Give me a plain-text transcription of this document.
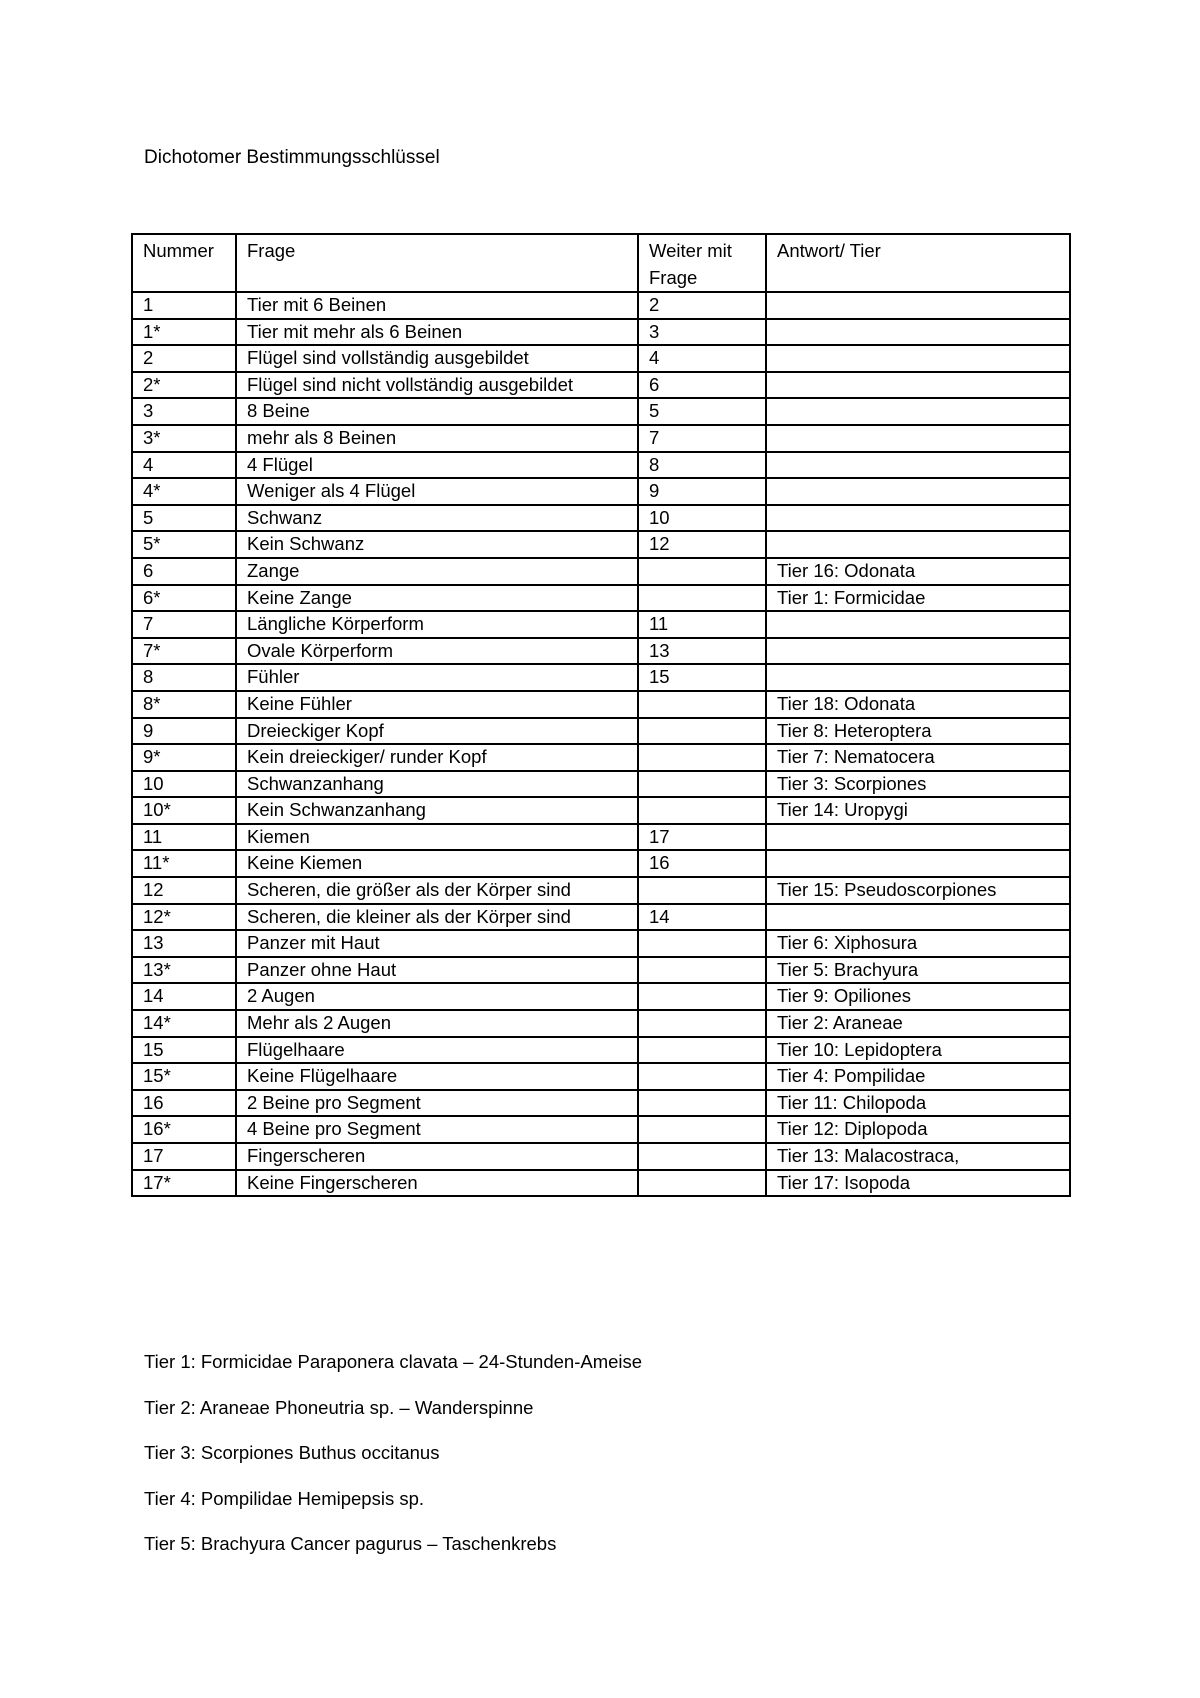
Dichotomer Bestimmungsschlüssel
Nummer	Frage	Weiter mit Frage	Antwort/ Tier
1	Tier mit 6 Beinen	2	
1*	Tier mit mehr als 6 Beinen	3	
2	Flügel sind vollständig ausgebildet	4	
2*	Flügel sind nicht vollständig ausgebildet	6	
3	8 Beine	5	
3*	mehr als 8 Beinen	7	
4	4 Flügel	8	
4*	Weniger als 4 Flügel	9	
5	Schwanz	10	
5*	Kein Schwanz	12	
6	Zange		Tier 16: Odonata
6*	Keine Zange		Tier 1: Formicidae
7	Längliche Körperform	11	
7*	Ovale Körperform	13	
8	Fühler	15	
8*	Keine Fühler		Tier 18: Odonata
9	Dreieckiger Kopf		Tier 8: Heteroptera
9*	Kein dreieckiger/ runder Kopf		Tier 7: Nematocera
10	Schwanzanhang		Tier 3: Scorpiones
10*	Kein Schwanzanhang		Tier 14: Uropygi
11	Kiemen	17	
11*	Keine Kiemen	16	
12	Scheren, die größer als der Körper sind		Tier 15: Pseudoscorpiones
12*	Scheren, die kleiner als der Körper sind	14	
13	Panzer mit Haut		Tier 6: Xiphosura
13*	Panzer ohne Haut		Tier 5: Brachyura
14	2 Augen		Tier 9: Opiliones
14*	Mehr als 2 Augen		Tier 2: Araneae
15	Flügelhaare		Tier 10: Lepidoptera
15*	Keine Flügelhaare		Tier 4: Pompilidae
16	2 Beine pro Segment		Tier 11: Chilopoda
16*	4 Beine pro Segment		Tier 12: Diplopoda
17	Fingerscheren		Tier 13: Malacostraca,
17*	Keine Fingerscheren		Tier 17: Isopoda
Tier 1: Formicidae Paraponera clavata – 24-Stunden-Ameise
Tier 2: Araneae Phoneutria sp. – Wanderspinne
Tier 3: Scorpiones Buthus occitanus
Tier 4: Pompilidae Hemipepsis sp.
Tier 5: Brachyura Cancer pagurus – Taschenkrebs
